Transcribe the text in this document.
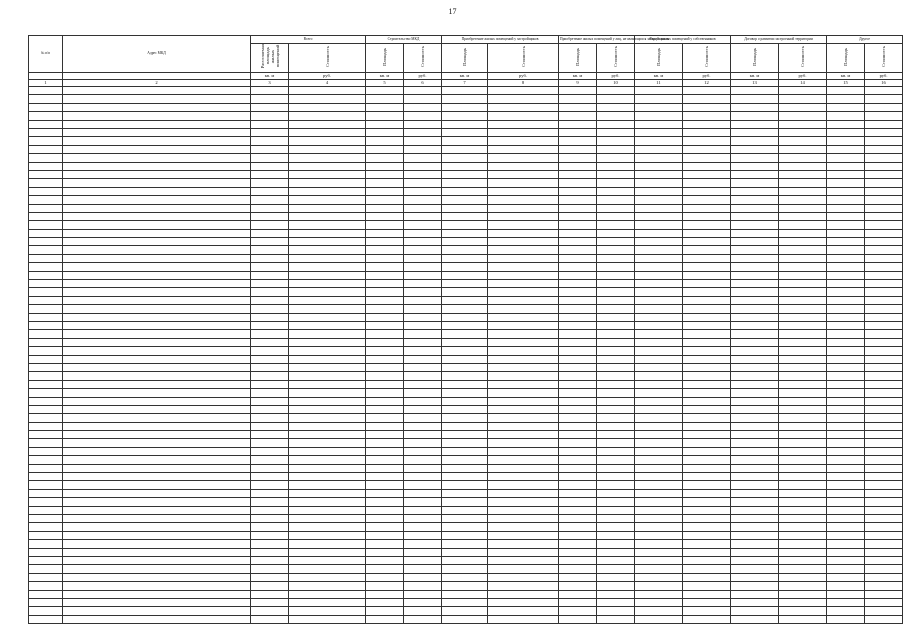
17
№ п/п	Адрес МКД	Всего		Строительство МКД		Приобретение жилых помещений у застройщиков		Приобретение жилых помещений у лиц, не являющихся застройщиком		Выкуп жилых помещений у собственников		Договор о развитии застроенной территории		Другое	
		Расселяемая площадь жилых помещений	Стоимость	Площадь	Стоимость	Площадь	Стоимость	Площадь	Стоимость	Площадь	Стоимость	Площадь	Стоимость	Площадь	Стоимость
		кв. м	руб.	кв. м	руб.	кв. м	руб.	кв. м	руб.	кв. м	руб.	кв. м	руб.	кв. м	руб.
1	2	3	4	5	6	7	8	9	10	11	12	13	14	15	16
